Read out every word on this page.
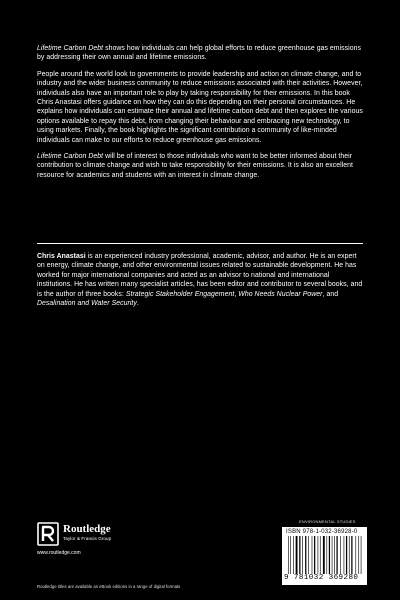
Lifetime Carbon Debt shows how individuals can help global efforts to reduce greenhouse gas emissions by addressing their own annual and lifetime emissions.

People around the world look to governments to provide leadership and action on climate change, and to industry and the wider business community to reduce emissions associated with their activities. However, individuals also have an important role to play by taking responsibility for their emissions. In this book Chris Anastasi offers guidance on how they can do this depending on their personal circumstances. He explains how individuals can estimate their annual and lifetime carbon debt and then explores the various options available to repay this debt, from changing their behaviour and embracing new technology, to using markets. Finally, the book highlights the significant contribution a community of like-minded individuals can make to our efforts to reduce greenhouse gas emissions.

Lifetime Carbon Debt will be of interest to those individuals who want to be better informed about their contribution to climate change and wish to take responsibility for their emissions. It is also an excellent resource for academics and students with an interest in climate change.

Chris Anastasi is an experienced industry professional, academic, advisor, and author. He is an expert on energy, climate change, and other environmental issues related to sustainable development. He has worked for major international companies and acted as an advisor to national and international institutions. He has written many specialist articles, has been editor and contributor to several books, and is the author of three books: Strategic Stakeholder Engagement, Who Needs Nuclear Power, and Desalination and Water Security.
ENVIRONMENTAL STUDIES
Routledge
Taylor & Francis Group
www.routledge.com
ISBN 978-1-032-36928-0
9 781032 369280
Routledge titles are available as eBook editions in a range of digital formats
